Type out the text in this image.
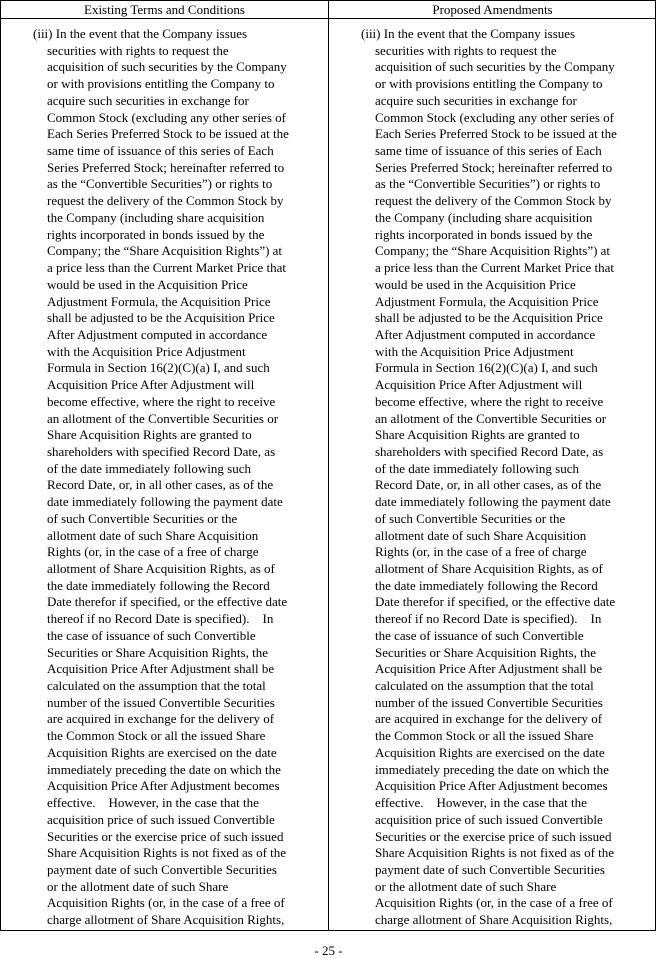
Existing Terms and Conditions	Proposed Amendments
(iii) In the event that the Company issues
securities with rights to request the
acquisition of such securities by the Company
or with provisions entitling the Company to
acquire such securities in exchange for
Common Stock (excluding any other series of
Each Series Preferred Stock to be issued at the
same time of issuance of this series of Each
Series Preferred Stock; hereinafter referred to
as the “Convertible Securities”) or rights to
request the delivery of the Common Stock by
the Company (including share acquisition
rights incorporated in bonds issued by the
Company; the “Share Acquisition Rights”) at
a price less than the Current Market Price that
would be used in the Acquisition Price
Adjustment Formula, the Acquisition Price
shall be adjusted to be the Acquisition Price
After Adjustment computed in accordance
with the Acquisition Price Adjustment
Formula in Section 16(2)(C)(a) I, and such
Acquisition Price After Adjustment will
become effective, where the right to receive
an allotment of the Convertible Securities or
Share Acquisition Rights are granted to
shareholders with specified Record Date, as
of the date immediately following such
Record Date, or, in all other cases, as of the
date immediately following the payment date
of such Convertible Securities or the
allotment date of such Share Acquisition
Rights (or, in the case of a free of charge
allotment of Share Acquisition Rights, as of
the date immediately following the Record
Date therefor if specified, or the effective date
thereof if no Record Date is specified).    In
the case of issuance of such Convertible
Securities or Share Acquisition Rights, the
Acquisition Price After Adjustment shall be
calculated on the assumption that the total
number of the issued Convertible Securities
are acquired in exchange for the delivery of
the Common Stock or all the issued Share
Acquisition Rights are exercised on the date
immediately preceding the date on which the
Acquisition Price After Adjustment becomes
effective.    However, in the case that the
acquisition price of such issued Convertible
Securities or the exercise price of such issued
Share Acquisition Rights is not fixed as of the
payment date of such Convertible Securities
or the allotment date of such Share
Acquisition Rights (or, in the case of a free of
charge allotment of Share Acquisition Rights,
(iii) In the event that the Company issues
securities with rights to request the
acquisition of such securities by the Company
or with provisions entitling the Company to
acquire such securities in exchange for
Common Stock (excluding any other series of
Each Series Preferred Stock to be issued at the
same time of issuance of this series of Each
Series Preferred Stock; hereinafter referred to
as the “Convertible Securities”) or rights to
request the delivery of the Common Stock by
the Company (including share acquisition
rights incorporated in bonds issued by the
Company; the “Share Acquisition Rights”) at
a price less than the Current Market Price that
would be used in the Acquisition Price
Adjustment Formula, the Acquisition Price
shall be adjusted to be the Acquisition Price
After Adjustment computed in accordance
with the Acquisition Price Adjustment
Formula in Section 16(2)(C)(a) I, and such
Acquisition Price After Adjustment will
become effective, where the right to receive
an allotment of the Convertible Securities or
Share Acquisition Rights are granted to
shareholders with specified Record Date, as
of the date immediately following such
Record Date, or, in all other cases, as of the
date immediately following the payment date
of such Convertible Securities or the
allotment date of such Share Acquisition
Rights (or, in the case of a free of charge
allotment of Share Acquisition Rights, as of
the date immediately following the Record
Date therefor if specified, or the effective date
thereof if no Record Date is specified).    In
the case of issuance of such Convertible
Securities or Share Acquisition Rights, the
Acquisition Price After Adjustment shall be
calculated on the assumption that the total
number of the issued Convertible Securities
are acquired in exchange for the delivery of
the Common Stock or all the issued Share
Acquisition Rights are exercised on the date
immediately preceding the date on which the
Acquisition Price After Adjustment becomes
effective.    However, in the case that the
acquisition price of such issued Convertible
Securities or the exercise price of such issued
Share Acquisition Rights is not fixed as of the
payment date of such Convertible Securities
or the allotment date of such Share
Acquisition Rights (or, in the case of a free of
charge allotment of Share Acquisition Rights,
- 25 -
